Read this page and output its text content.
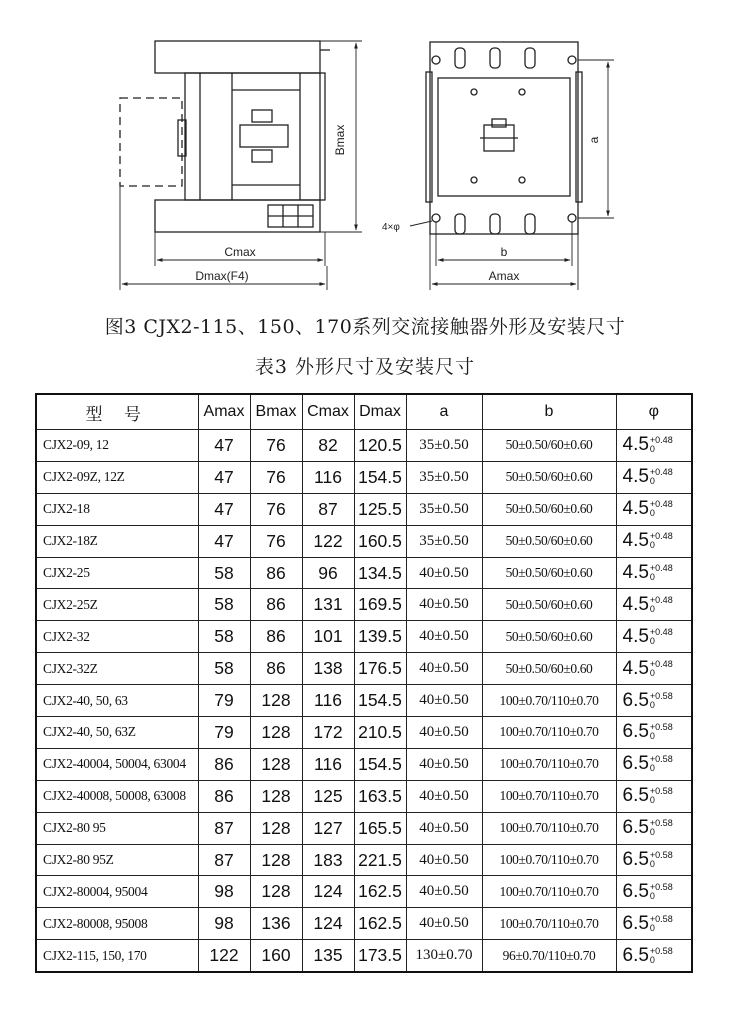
Bmax
Cmax
Dmax(F4)
a
b
Amax
4×φ
图3 CJX2-115、150、170系列交流接触器外形及安装尺寸
表3 外形尺寸及安装尺寸
型 号	Amax	Bmax	Cmax	Dmax	a	b	φ
CJX2-09, 12	47	76	82	120.5	35±0.50	50±0.50/60±0.60	4.5 +0.48
0

CJX2-09Z, 12Z	47	76	116	154.5	35±0.50	50±0.50/60±0.60	4.5 +0.48
0

CJX2-18	47	76	87	125.5	35±0.50	50±0.50/60±0.60	4.5 +0.48
0

CJX2-18Z	47	76	122	160.5	35±0.50	50±0.50/60±0.60	4.5 +0.48
0

CJX2-25	58	86	96	134.5	40±0.50	50±0.50/60±0.60	4.5 +0.48
0

CJX2-25Z	58	86	131	169.5	40±0.50	50±0.50/60±0.60	4.5 +0.48
0

CJX2-32	58	86	101	139.5	40±0.50	50±0.50/60±0.60	4.5 +0.48
0

CJX2-32Z	58	86	138	176.5	40±0.50	50±0.50/60±0.60	4.5 +0.48
0

CJX2-40, 50, 63	79	128	116	154.5	40±0.50	100±0.70/110±0.70	6.5 +0.58
0

CJX2-40, 50, 63Z	79	128	172	210.5	40±0.50	100±0.70/110±0.70	6.5 +0.58
0

CJX2-40004, 50004, 63004	86	128	116	154.5	40±0.50	100±0.70/110±0.70	6.5 +0.58
0

CJX2-40008, 50008, 63008	86	128	125	163.5	40±0.50	100±0.70/110±0.70	6.5 +0.58
0

CJX2-80 95	87	128	127	165.5	40±0.50	100±0.70/110±0.70	6.5 +0.58
0

CJX2-80 95Z	87	128	183	221.5	40±0.50	100±0.70/110±0.70	6.5 +0.58
0

CJX2-80004, 95004	98	128	124	162.5	40±0.50	100±0.70/110±0.70	6.5 +0.58
0

CJX2-80008, 95008	98	136	124	162.5	40±0.50	100±0.70/110±0.70	6.5 +0.58
0

CJX2-115, 150, 170	122	160	135	173.5	130±0.70	96±0.70/110±0.70	6.5 +0.58
0
